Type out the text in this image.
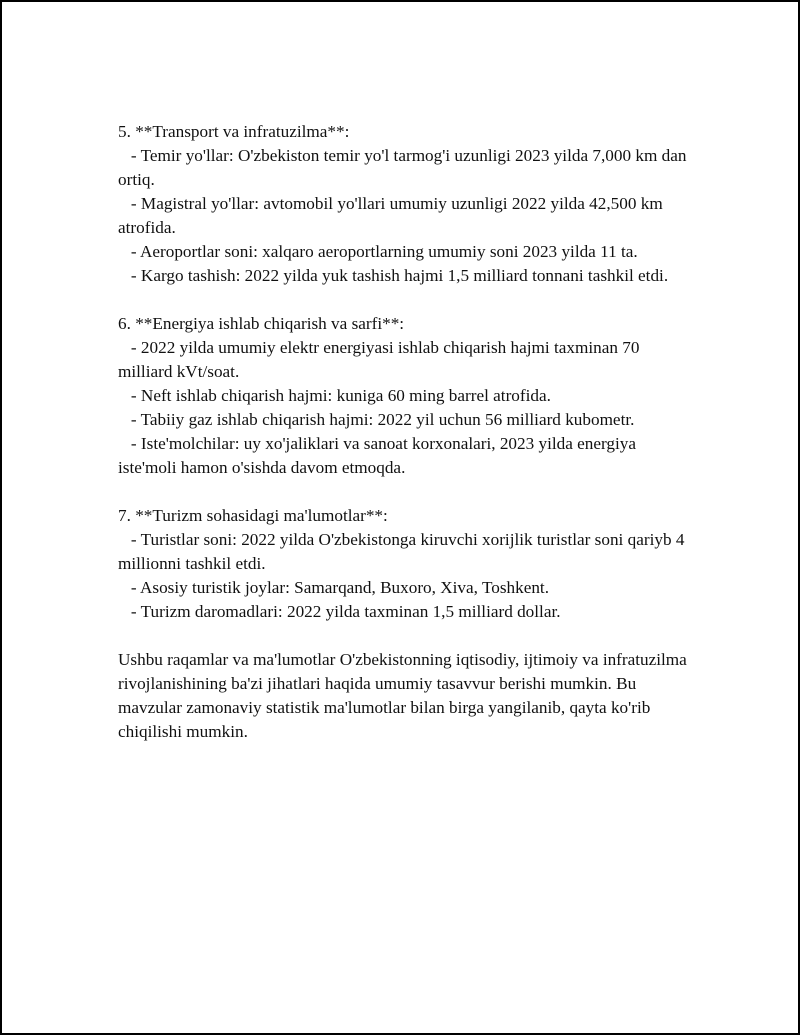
5. **Transport va infratuzilma**:

- Temir yo'llar: O'zbekiston temir yo'l tarmog'i uzunligi 2023 yilda 7,000 km dan ortiq.

- Magistral yo'llar: avtomobil yo'llari umumiy uzunligi 2022 yilda 42,500 km atrofida.

- Aeroportlar soni: xalqaro aeroportlarning umumiy soni 2023 yilda 11 ta.

- Kargo tashish: 2022 yilda yuk tashish hajmi 1,5 milliard tonnani tashkil etdi.

6. **Energiya ishlab chiqarish va sarfi**:

- 2022 yilda umumiy elektr energiyasi ishlab chiqarish hajmi taxminan 70 milliard kVt/soat.

- Neft ishlab chiqarish hajmi: kuniga 60 ming barrel atrofida.

- Tabiiy gaz ishlab chiqarish hajmi: 2022 yil uchun 56 milliard kubometr.

- Iste'molchilar: uy xo'jaliklari va sanoat korxonalari, 2023 yilda energiya iste'moli hamon o'sishda davom etmoqda.

7. **Turizm sohasidagi ma'lumotlar**:

- Turistlar soni: 2022 yilda O'zbekistonga kiruvchi xorijlik turistlar soni qariyb 4 millionni tashkil etdi.

- Asosiy turistik joylar: Samarqand, Buxoro, Xiva, Toshkent.

- Turizm daromadlari: 2022 yilda taxminan 1,5 milliard dollar.

Ushbu raqamlar va ma'lumotlar O'zbekistonning iqtisodiy, ijtimoiy va infratuzilma rivojlanishining ba'zi jihatlari haqida umumiy tasavvur berishi mumkin. Bu mavzular zamonaviy statistik ma'lumotlar bilan birga yangilanib, qayta ko'rib chiqilishi mumkin.
